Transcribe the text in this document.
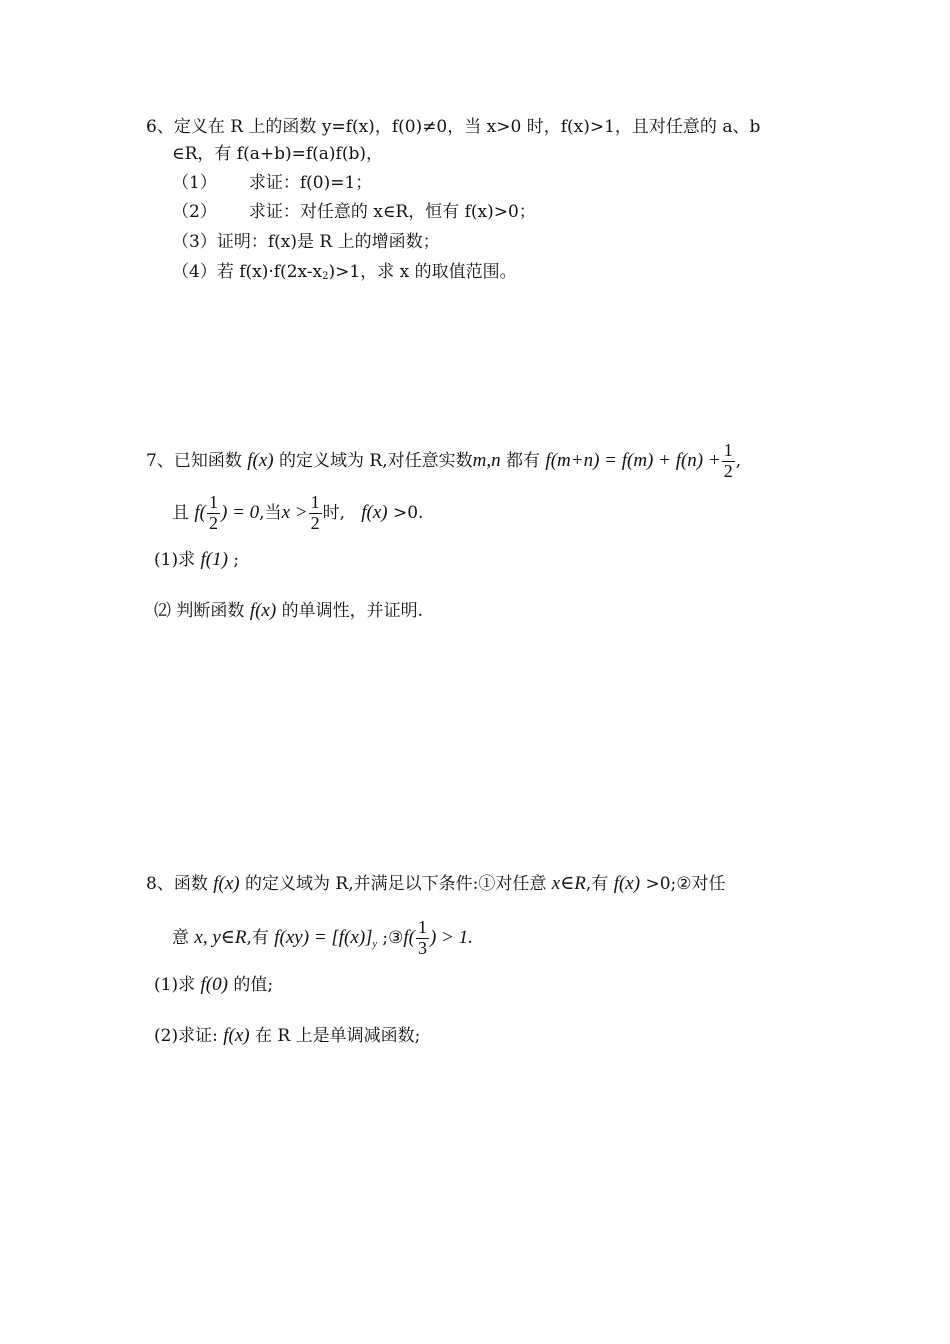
6、定义在 R 上的函数 y=f(x)，f(0)≠0，当 x>0 时，f(x)>1，且对任意的 a、b
∈R，有 f(a+b)=f(a)f(b)，
（1） 求证：f(0)=1；
（2） 求证：对任意的 x∈R，恒有 f(x)>0；
（3）证明：f(x)是 R 上的增函数；
（4）若 $f(x)\cdot f(2x-x_2)>1$，求 x 的取值范围。
7、已知函数 f(x) 的定义域为 R,对任意实数m,n 都有 $f(m+n) = f(m) + f(n) + \frac{1}{2}$ ,
且 $f( \frac{1}{2}$ ) = 0,当$x > \frac{1}{2}$ 时, f(x) >0.
(1)求 f(1) ;
⑵ 判断函数 f(x) 的单调性，并证明.
8、函数 f(x) 的定义域为 R,并满足以下条件:①对任意 x∈R,有 f(x) >0;②对任
意 x, y∈R,有 $f(xy) = [f(x)]^y$ ;③f( $\frac{1}{3}$ ) > 1.
(1)求 f(0) 的值;
(2)求证: f(x) 在 R 上是单调减函数;
